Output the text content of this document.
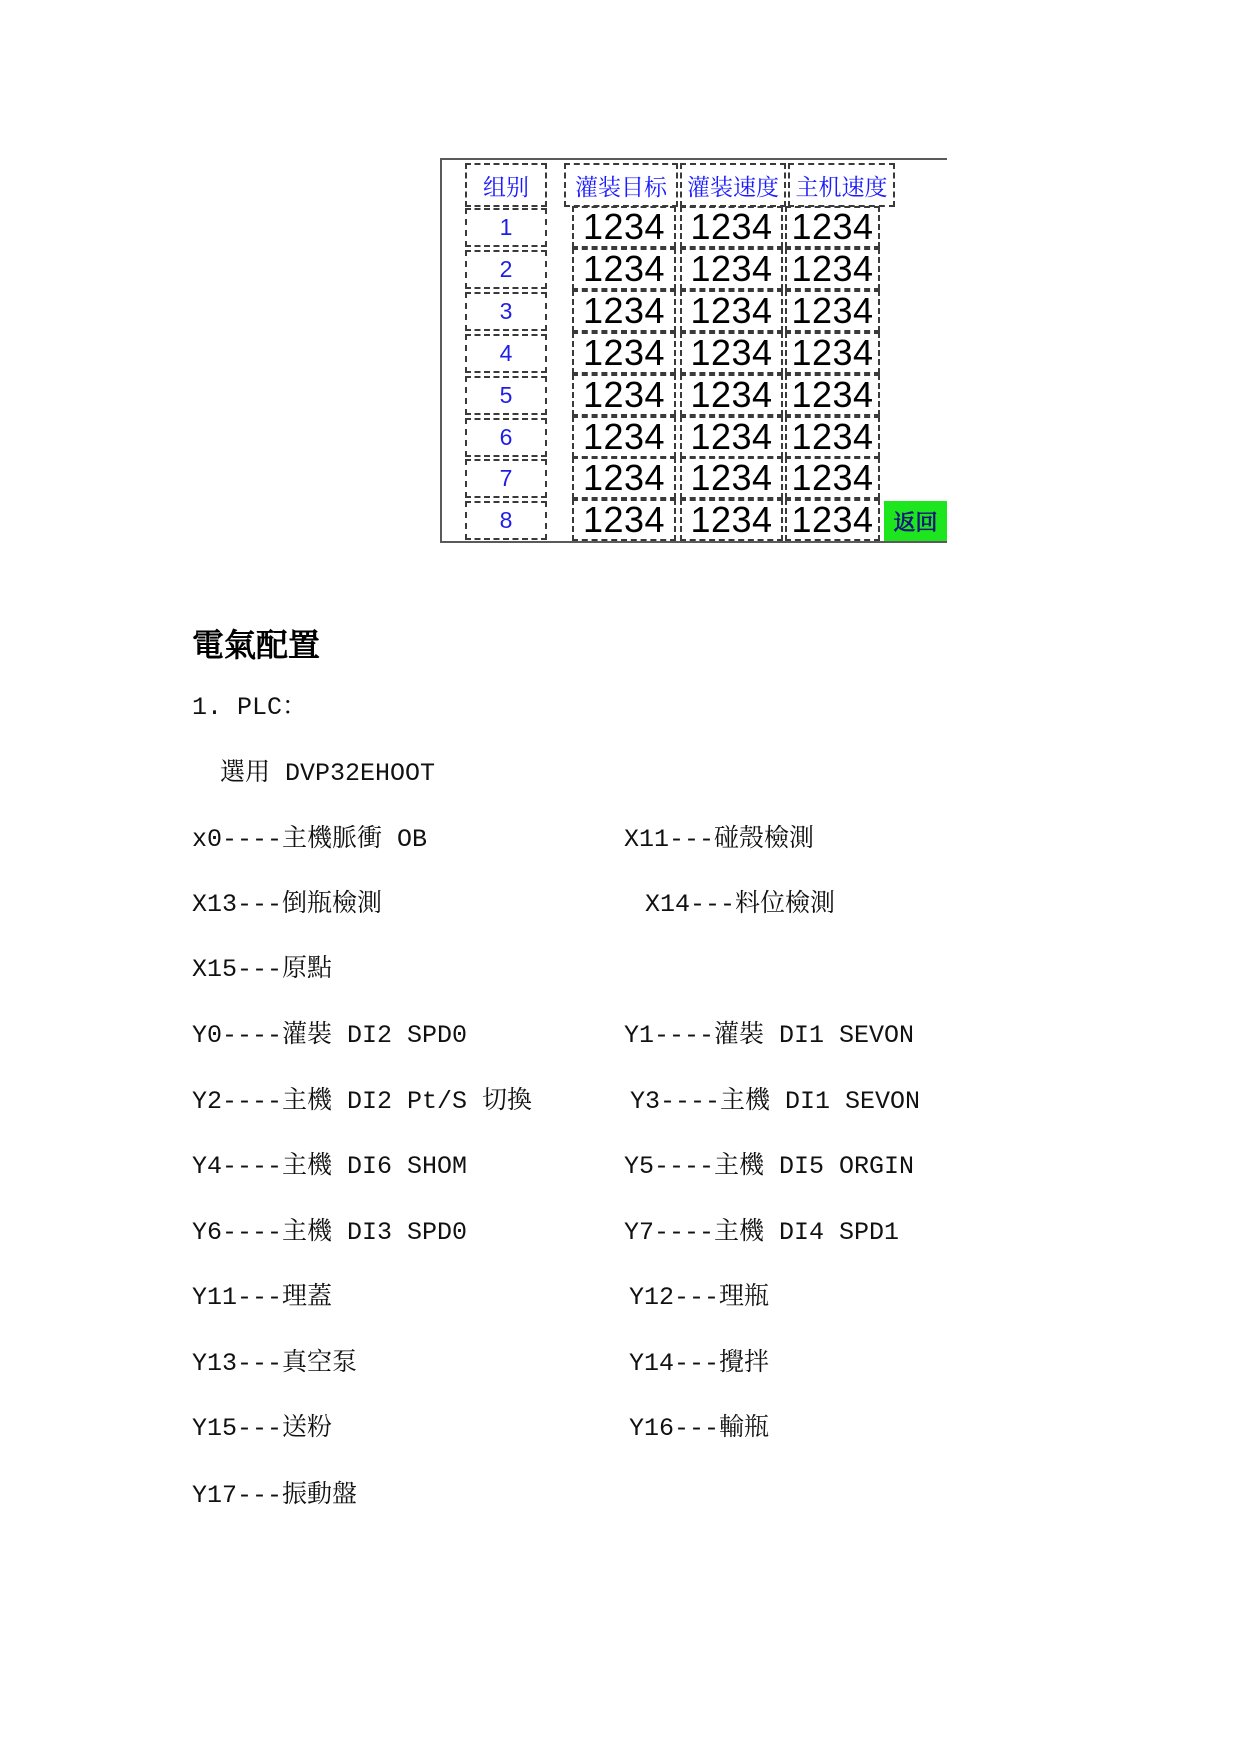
组别	灌装目标 灌装速度 主机速度
1	1234 1234 1234
2	1234 1234 1234
3	1234 1234 1234
4	1234 1234 1234
5	1234 1234 1234
6	1234 1234 1234
7	1234 1234 1234
8	1234 1234 1234 返回
電氣配置
1. PLC：
選用 DVP32EHOOT
x0----主機脈衝 OB	X11---碰殼檢測
X13---倒瓶檢測	X14---料位檢測
X15---原點
Y0----灌裝 DI2 SPD0	Y1----灌裝 DI1 SEVON
Y2----主機 DI2 Pt/S 切換	Y3----主機 DI1 SEVON
Y4----主機 DI6 SHOM	Y5----主機 DI5 ORGIN
Y6----主機 DI3 SPD0	Y7----主機 DI4 SPD1
Y11---理蓋	Y12---理瓶
Y13---真空泵	Y14---攪拌
Y15---送粉	Y16---輸瓶
Y17---振動盤
